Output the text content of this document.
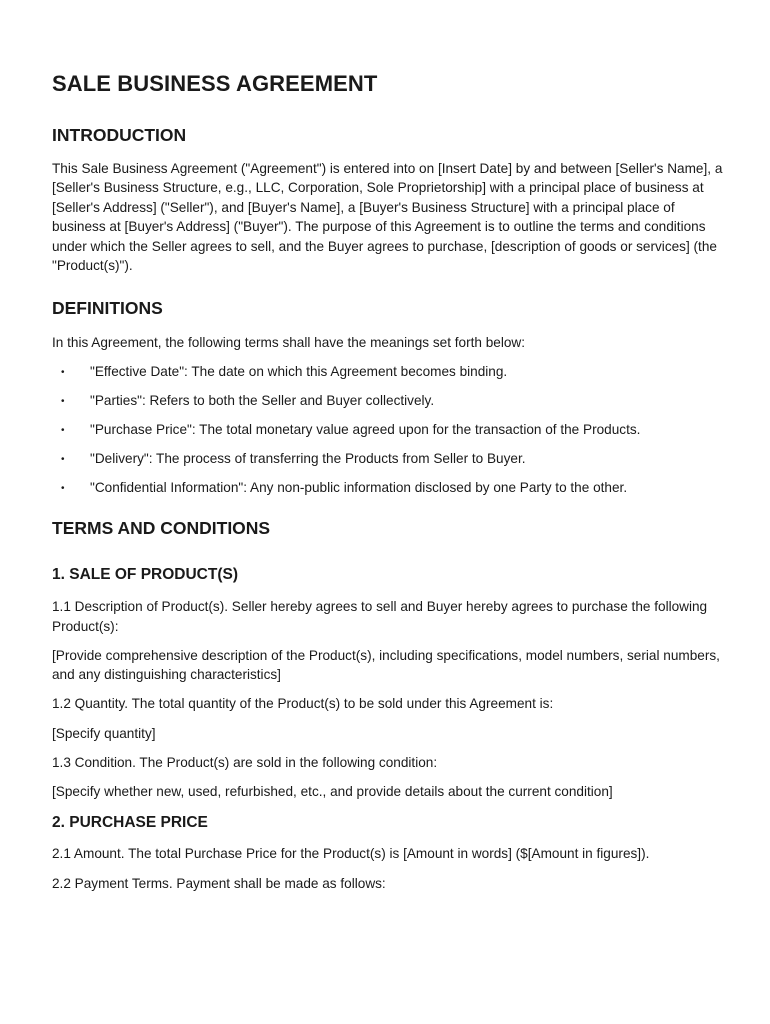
SALE BUSINESS AGREEMENT
INTRODUCTION

This Sale Business Agreement ("Agreement") is entered into on [Insert Date] by and between [Seller's Name], a [Seller's Business Structure, e.g., LLC, Corporation, Sole Proprietorship] with a principal place of business at [Seller's Address] ("Seller"), and [Buyer's Name], a [Buyer's Business Structure] with a principal place of business at [Buyer's Address] ("Buyer"). The purpose of this Agreement is to outline the terms and conditions under which the Seller agrees to sell, and the Buyer agrees to purchase, [description of goods or services] (the "Product(s)").

DEFINITIONS

In this Agreement, the following terms shall have the meanings set forth below:

• "Effective Date": The date on which this Agreement becomes binding.
• "Parties": Refers to both the Seller and Buyer collectively.
• "Purchase Price": The total monetary value agreed upon for the transaction of the Products.
• "Delivery": The process of transferring the Products from Seller to Buyer.
• "Confidential Information": Any non-public information disclosed by one Party to the other.
TERMS AND CONDITIONS
1. SALE OF PRODUCT(S)

1.1 Description of Product(s). Seller hereby agrees to sell and Buyer hereby agrees to purchase the following Product(s):

[Provide comprehensive description of the Product(s), including specifications, model numbers, serial numbers, and any distinguishing characteristics]

1.2 Quantity. The total quantity of the Product(s) to be sold under this Agreement is:

[Specify quantity]

1.3 Condition. The Product(s) are sold in the following condition:

[Specify whether new, used, refurbished, etc., and provide details about the current condition]

2. PURCHASE PRICE

2.1 Amount. The total Purchase Price for the Product(s) is [Amount in words] ($[Amount in figures]).

2.2 Payment Terms. Payment shall be made as follows:
